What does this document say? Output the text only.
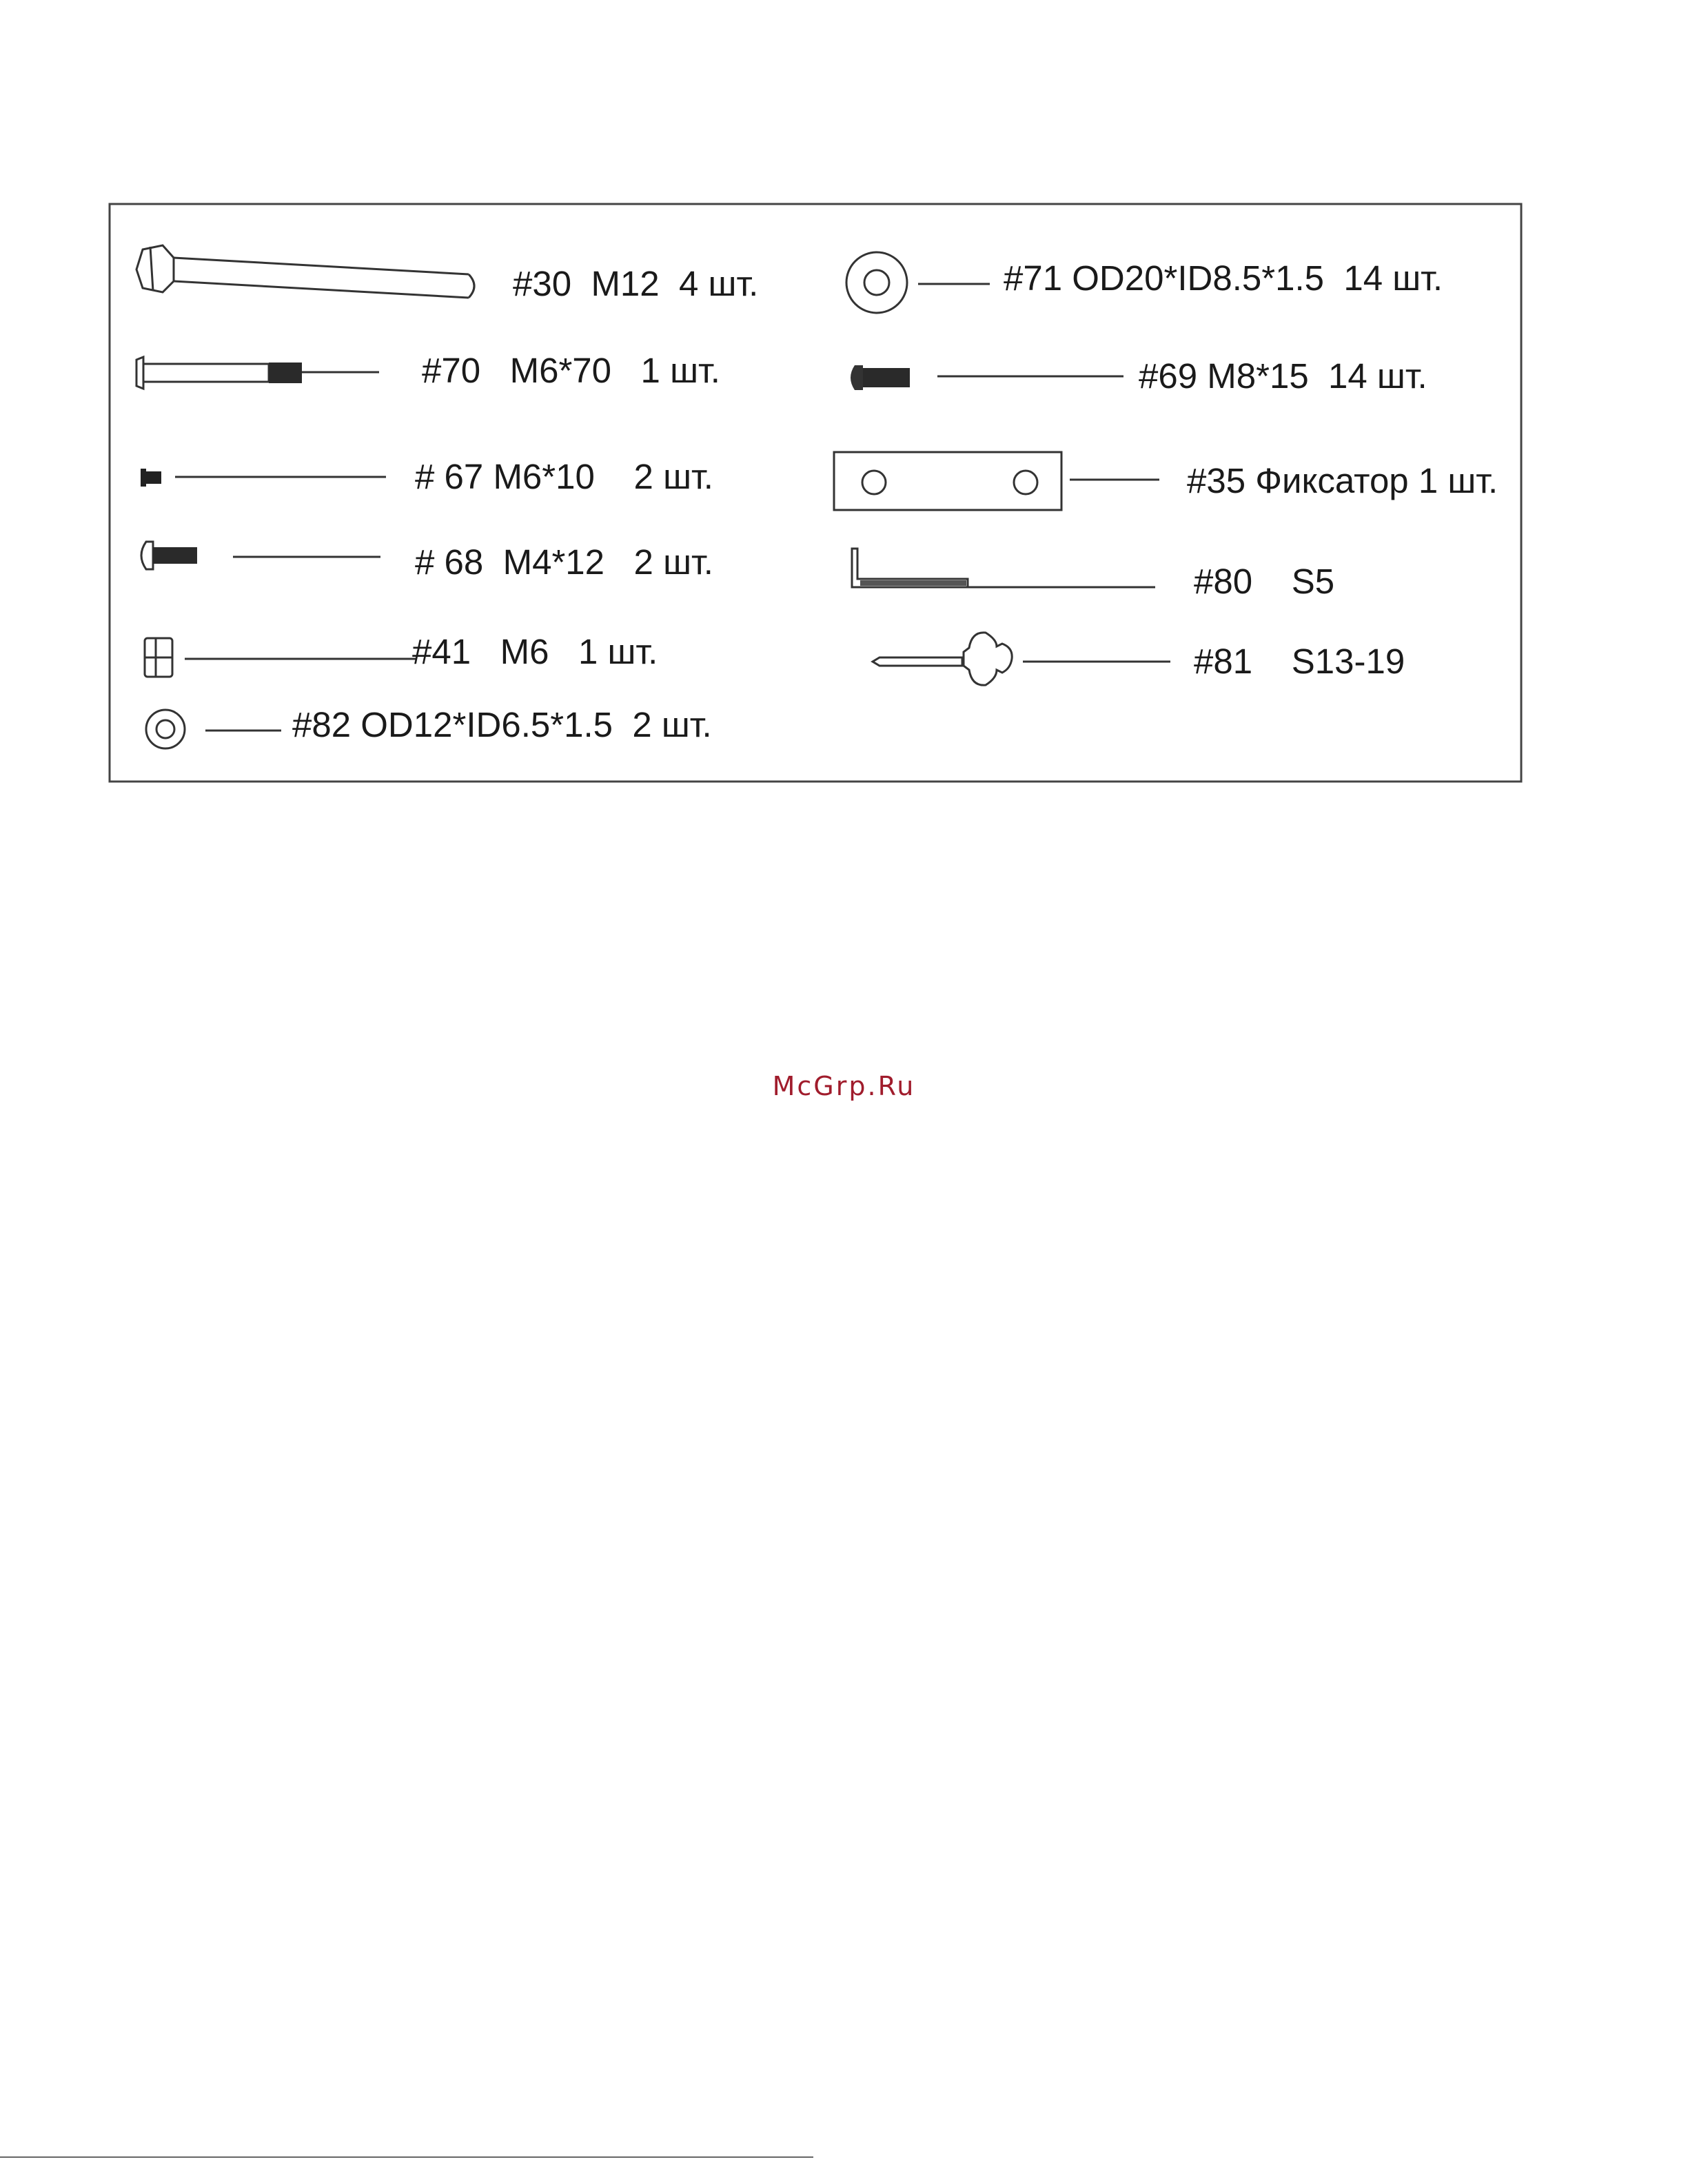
#30 M12 4 шт.	#71 OD20*ID8.5*1.5 14 шт.
#70 M6*70 1 шт.	#69 M8*15 14 шт.
# 67 M6*10 2 шт.	#35 Фиксатор 1 шт.
# 68 M4*12 2 шт.	#80 S5
#41 M6 1 шт.	#81 S13-19
#82 OD12*ID6.5*1.5 2 шт.
McGrp.Ru
